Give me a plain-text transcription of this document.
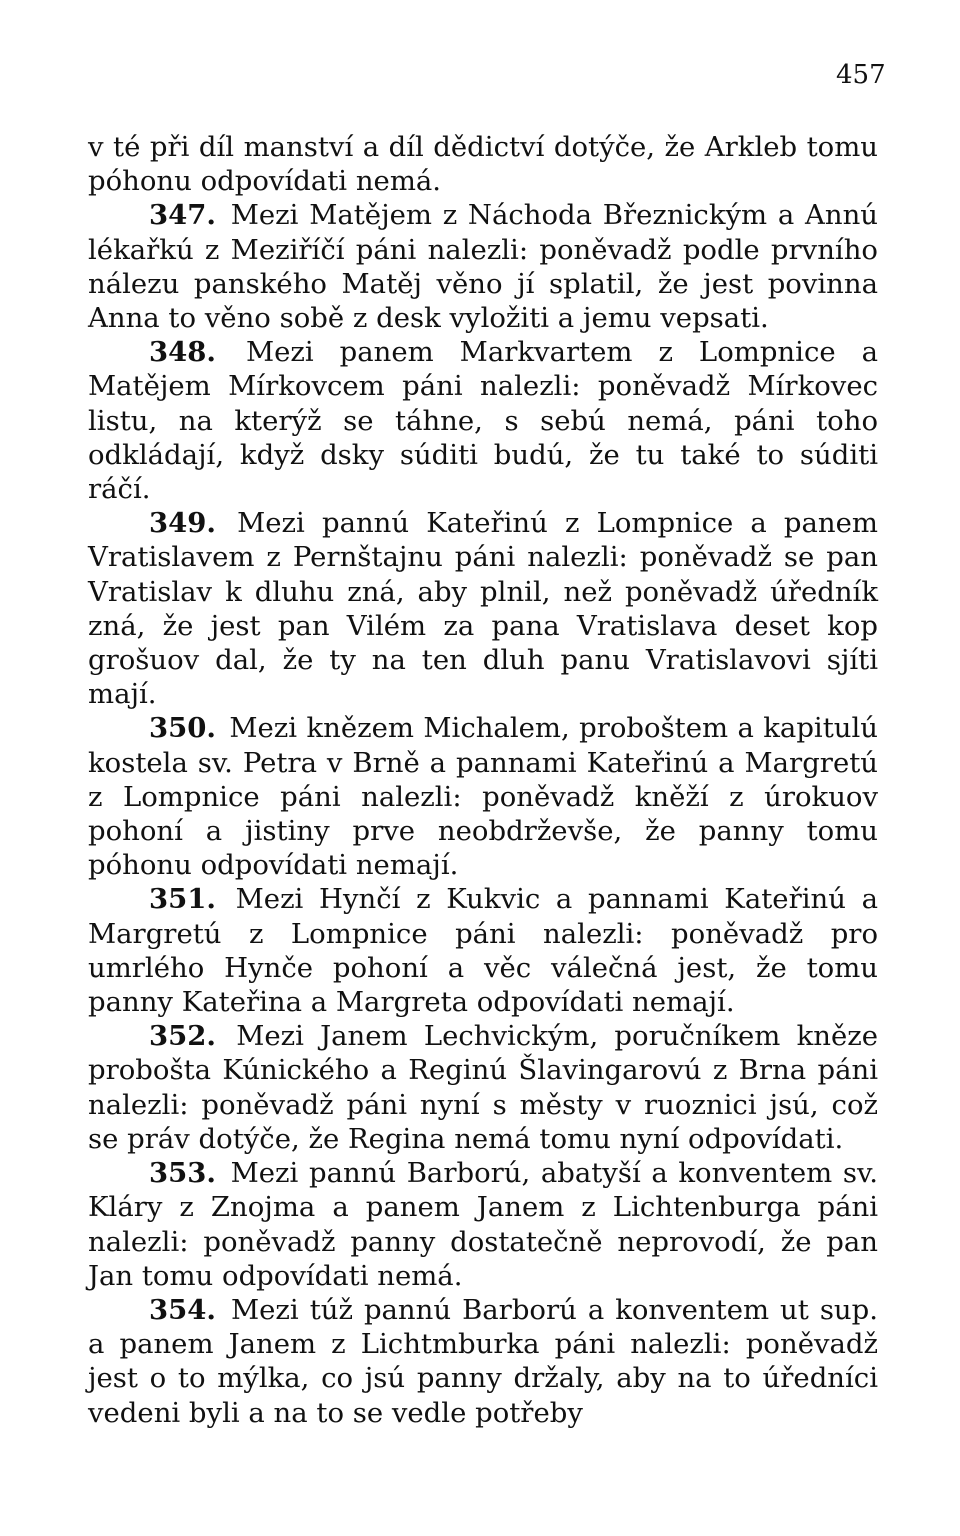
457

v té při díl manství a díl dědictví dotýče, že Arkleb tomu póhonu odpovídati nemá.

347. Mezi Matějem z Náchoda Březnickým a Annú lékařkú z Meziříčí páni nalezli: poněvadž podle prvního nálezu panského Matěj věno jí splatil, že jest povinna Anna to věno sobě z desk vyložiti a jemu vepsati.

348. Mezi panem Markvartem z Lompnice a Matějem Mírkovcem páni nalezli: poněvadž Mírkovec listu, na kterýž se táhne, s sebú nemá, páni toho odkládají, když dsky súditi budú, že tu také to súditi ráčí.

349. Mezi pannú Kateřinú z Lompnice a panem Vratislavem z Pernštajnu páni nalezli: poněvadž se pan Vratislav k dluhu zná, aby plnil, než poněvadž úředník zná, že jest pan Vilém za pana Vratislava deset kop grošuov dal, že ty na ten dluh panu Vratislavovi sjíti mají.

350. Mezi knězem Michalem, proboštem a kapitulú kostela sv. Petra v Brně a pannami Kateřinú a Margretú z Lompnice páni nalezli: poněvadž kněží z úrokuov pohoní a jistiny prve neobdrževše, že panny tomu póhonu odpovídati nemají.

351. Mezi Hynčí z Kukvic a pannami Kateřinú a Margretú z Lompnice páni nalezli: poněvadž pro umrlého Hynče pohoní a věc válečná jest, že tomu panny Kateřina a Margreta odpovídati nemají.

352. Mezi Janem Lechvickým, poručníkem kněze probošta Kúnického a Reginú Šlavingarovú z Brna páni nalezli: poněvadž páni nyní s městy v ruoznici jsú, což se práv dotýče, že Regina nemá tomu nyní odpovídati.

353. Mezi pannú Barború, abatyší a konventem sv. Kláry z Znojma a panem Janem z Lichtenburga páni nalezli: poněvadž panny dostatečně neprovodí, že pan Jan tomu odpovídati nemá.

354. Mezi túž pannú Barború a konventem ut sup. a panem Janem z Lichtmburka páni nalezli: poněvadž jest o to mýlka, co jsú panny držaly, aby na to úředníci vedeni byli a na to se vedle potřeby
